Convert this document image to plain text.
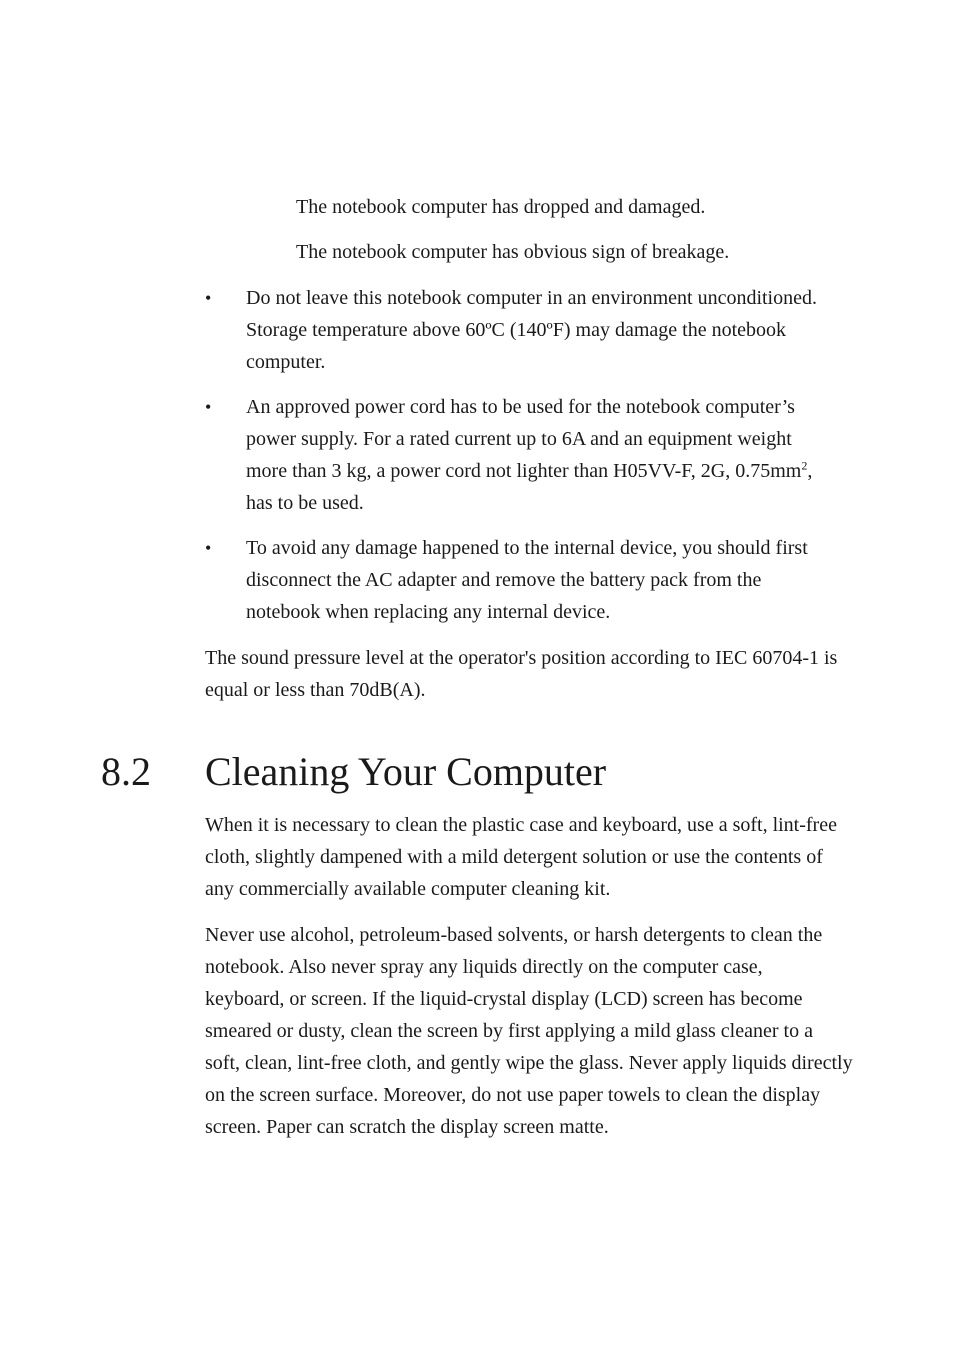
The notebook computer has dropped and damaged.
The notebook computer has obvious sign of breakage.
• Do not leave this notebook computer in an environment unconditioned.
Storage temperature above 60ºC (140ºF) may damage the notebook
computer.
• An approved power cord has to be used for the notebook computer’s
power supply. For a rated current up to 6A and an equipment weight
more than 3 kg, a power cord not lighter than H05VV-F, 2G, $0.75mm^2$,
has to be used.
• To avoid any damage happened to the internal device, you should first
disconnect the AC adapter and remove the battery pack from the
notebook when replacing any internal device.
The sound pressure level at the operator's position according to IEC 60704-1 is
equal or less than 70dB(A).
8.2 Cleaning Your Computer
When it is necessary to clean the plastic case and keyboard, use a soft, lint-free
cloth, slightly dampened with a mild detergent solution or use the contents of
any commercially available computer cleaning kit.
Never use alcohol, petroleum-based solvents, or harsh detergents to clean the
notebook. Also never spray any liquids directly on the computer case,
keyboard, or screen. If the liquid-crystal display (LCD) screen has become
smeared or dusty, clean the screen by first applying a mild glass cleaner to a
soft, clean, lint-free cloth, and gently wipe the glass. Never apply liquids directly
on the screen surface. Moreover, do not use paper towels to clean the display
screen. Paper can scratch the display screen matte.
